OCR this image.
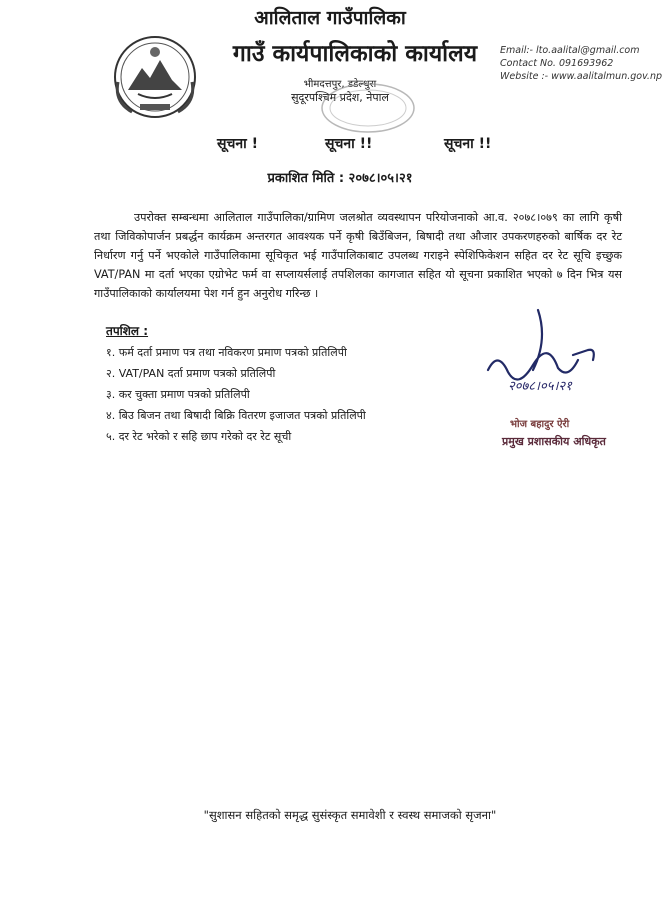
आलिताल गाउँपालिका
गाउँ कार्यपालिकाको कार्यालय
भीमदत्तपुर, डडेल्धुरा
सुदूरपश्चिम प्रदेश, नेपाल
Email:- lto.aalital@gmail.com
Contact No. 091693962
Website :- www.aalitalmun.gov.np
सूचना !	सूचना !!	सूचना !!
प्रकाशित मिति : २०७८।०५।२१
उपरोक्त सम्बन्धमा आलिताल गाउँपालिका/ग्रामिण जलश्रोत व्यवस्थापन परियोजनाको आ.व. २०७८।०७९ का लागि कृषी तथा जिविकोपार्जन प्रबर्द्धन कार्यक्रम अन्तरगत आवश्यक पर्ने कृषी बिउँबिजन, बिषादी तथा औजार उपकरणहरुको बार्षिक दर रेट निर्धारण गर्नु पर्ने भएकोले गाउँपालिकामा सूचिकृत भई गाउँपालिकाबाट उपलब्ध गराइने स्पेशिफिकेशन सहित दर रेट सूचि इच्छुक VAT/PAN मा दर्ता भएका एग्रोभेट फर्म वा सप्लायर्सलाई तपशिलका कागजात सहित यो सूचना प्रकाशित भएको ७ दिन भित्र यस गाउँपालिकाको कार्यालयमा पेश गर्न हुन अनुरोध गरिन्छ ।
तपशिल :
१. फर्म दर्ता प्रमाण पत्र तथा नविकरण प्रमाण पत्रको प्रतिलिपी
२. VAT/PAN दर्ता प्रमाण पत्रको प्रतिलिपी
३. कर चुक्ता प्रमाण पत्रको प्रतिलिपी
४. बिउ बिजन तथा बिषादी बिक्रि वितरण इजाजत पत्रको प्रतिलिपी
५. दर रेट भरेको र सहि छाप गरेको दर रेट सूची
२०७८।०५।२१
भोज बहादुर ऐरी
प्रमुख प्रशासकीय अधिकृत
"सुशासन सहितको समृद्ध सुसंस्कृत समावेशी र स्वस्थ समाजको सृजना"
